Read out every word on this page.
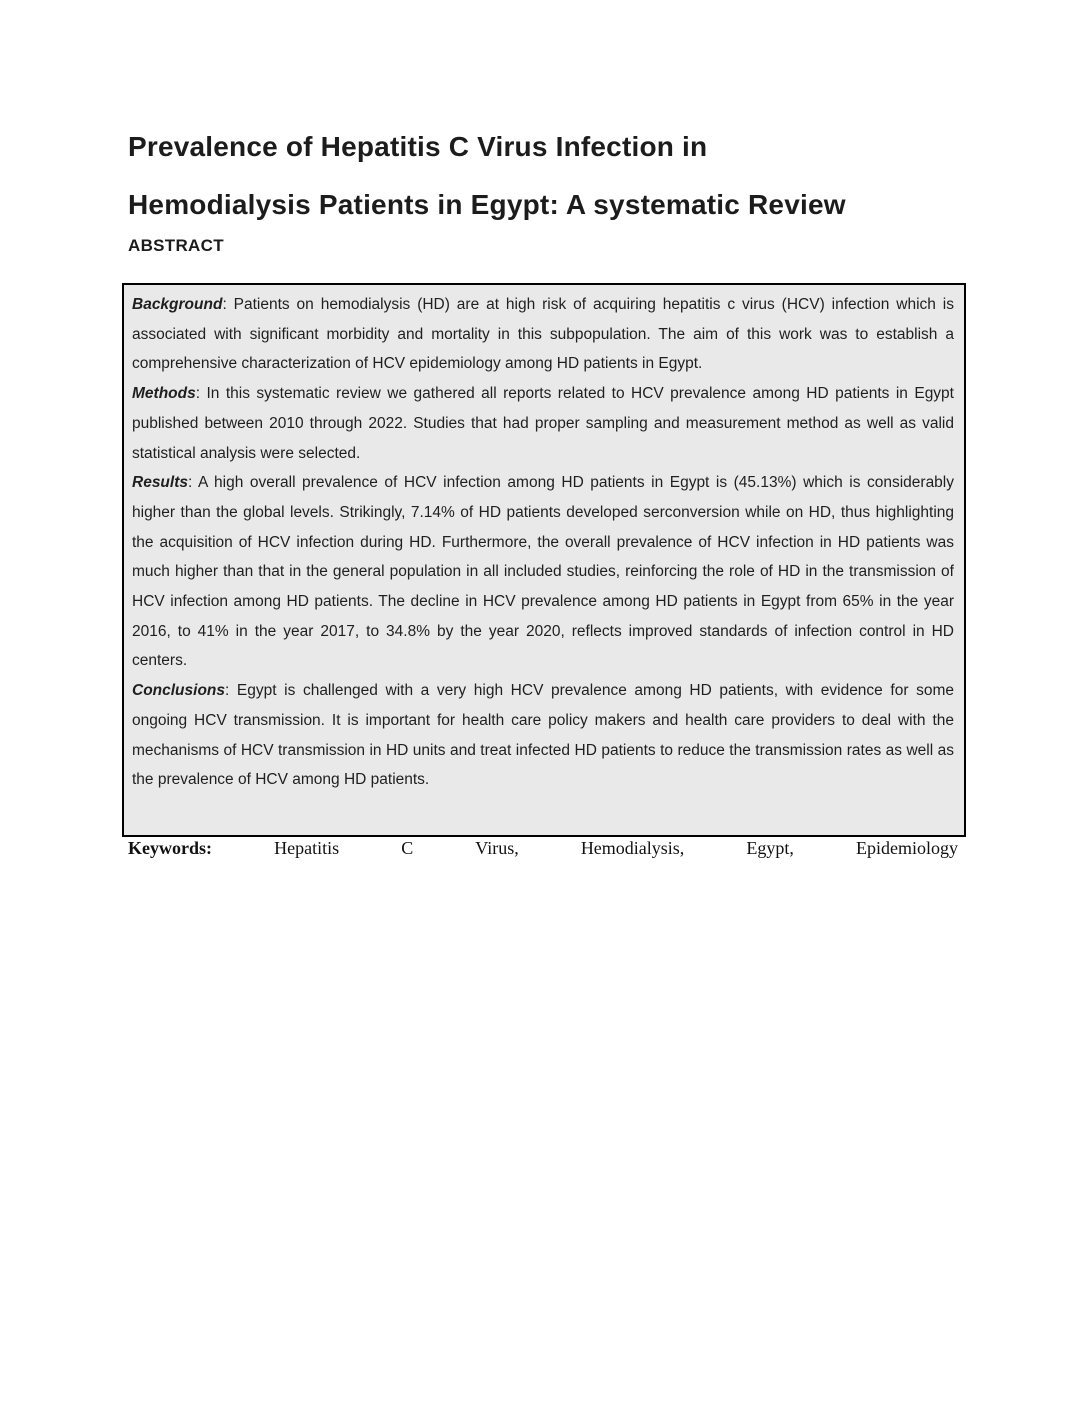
Prevalence of Hepatitis C Virus Infection in
Hemodialysis Patients in Egypt: A systematic Review
ABSTRACT

Background: Patients on hemodialysis (HD) are at high risk of acquiring hepatitis c virus (HCV) infection which is associated with significant morbidity and mortality in this subpopulation. The aim of this work was to establish a comprehensive characterization of HCV epidemiology among HD patients in Egypt.

Methods: In this systematic review we gathered all reports related to HCV prevalence among HD patients in Egypt published between 2010 through 2022. Studies that had proper sampling and measurement method as well as valid statistical analysis were selected.

Results: A high overall prevalence of HCV infection among HD patients in Egypt is (45.13%) which is considerably higher than the global levels. Strikingly, 7.14% of HD patients developed serconversion while on HD, thus highlighting the acquisition of HCV infection during HD. Furthermore, the overall prevalence of HCV infection in HD patients was much higher than that in the general population in all included studies, reinforcing the role of HD in the transmission of HCV infection among HD patients. The decline in HCV prevalence among HD patients in Egypt from 65% in the year 2016, to 41% in the year 2017, to 34.8% by the year 2020, reflects improved standards of infection control in HD centers.

Conclusions: Egypt is challenged with a very high HCV prevalence among HD patients, with evidence for some ongoing HCV transmission. It is important for health care policy makers and health care providers to deal with the mechanisms of HCV transmission in HD units and treat infected HD patients to reduce the transmission rates as well as the prevalence of HCV among HD patients.

Keywords:	Hepatitis	C	Virus,	Hemodialysis,	Egypt,	Epidemiology
